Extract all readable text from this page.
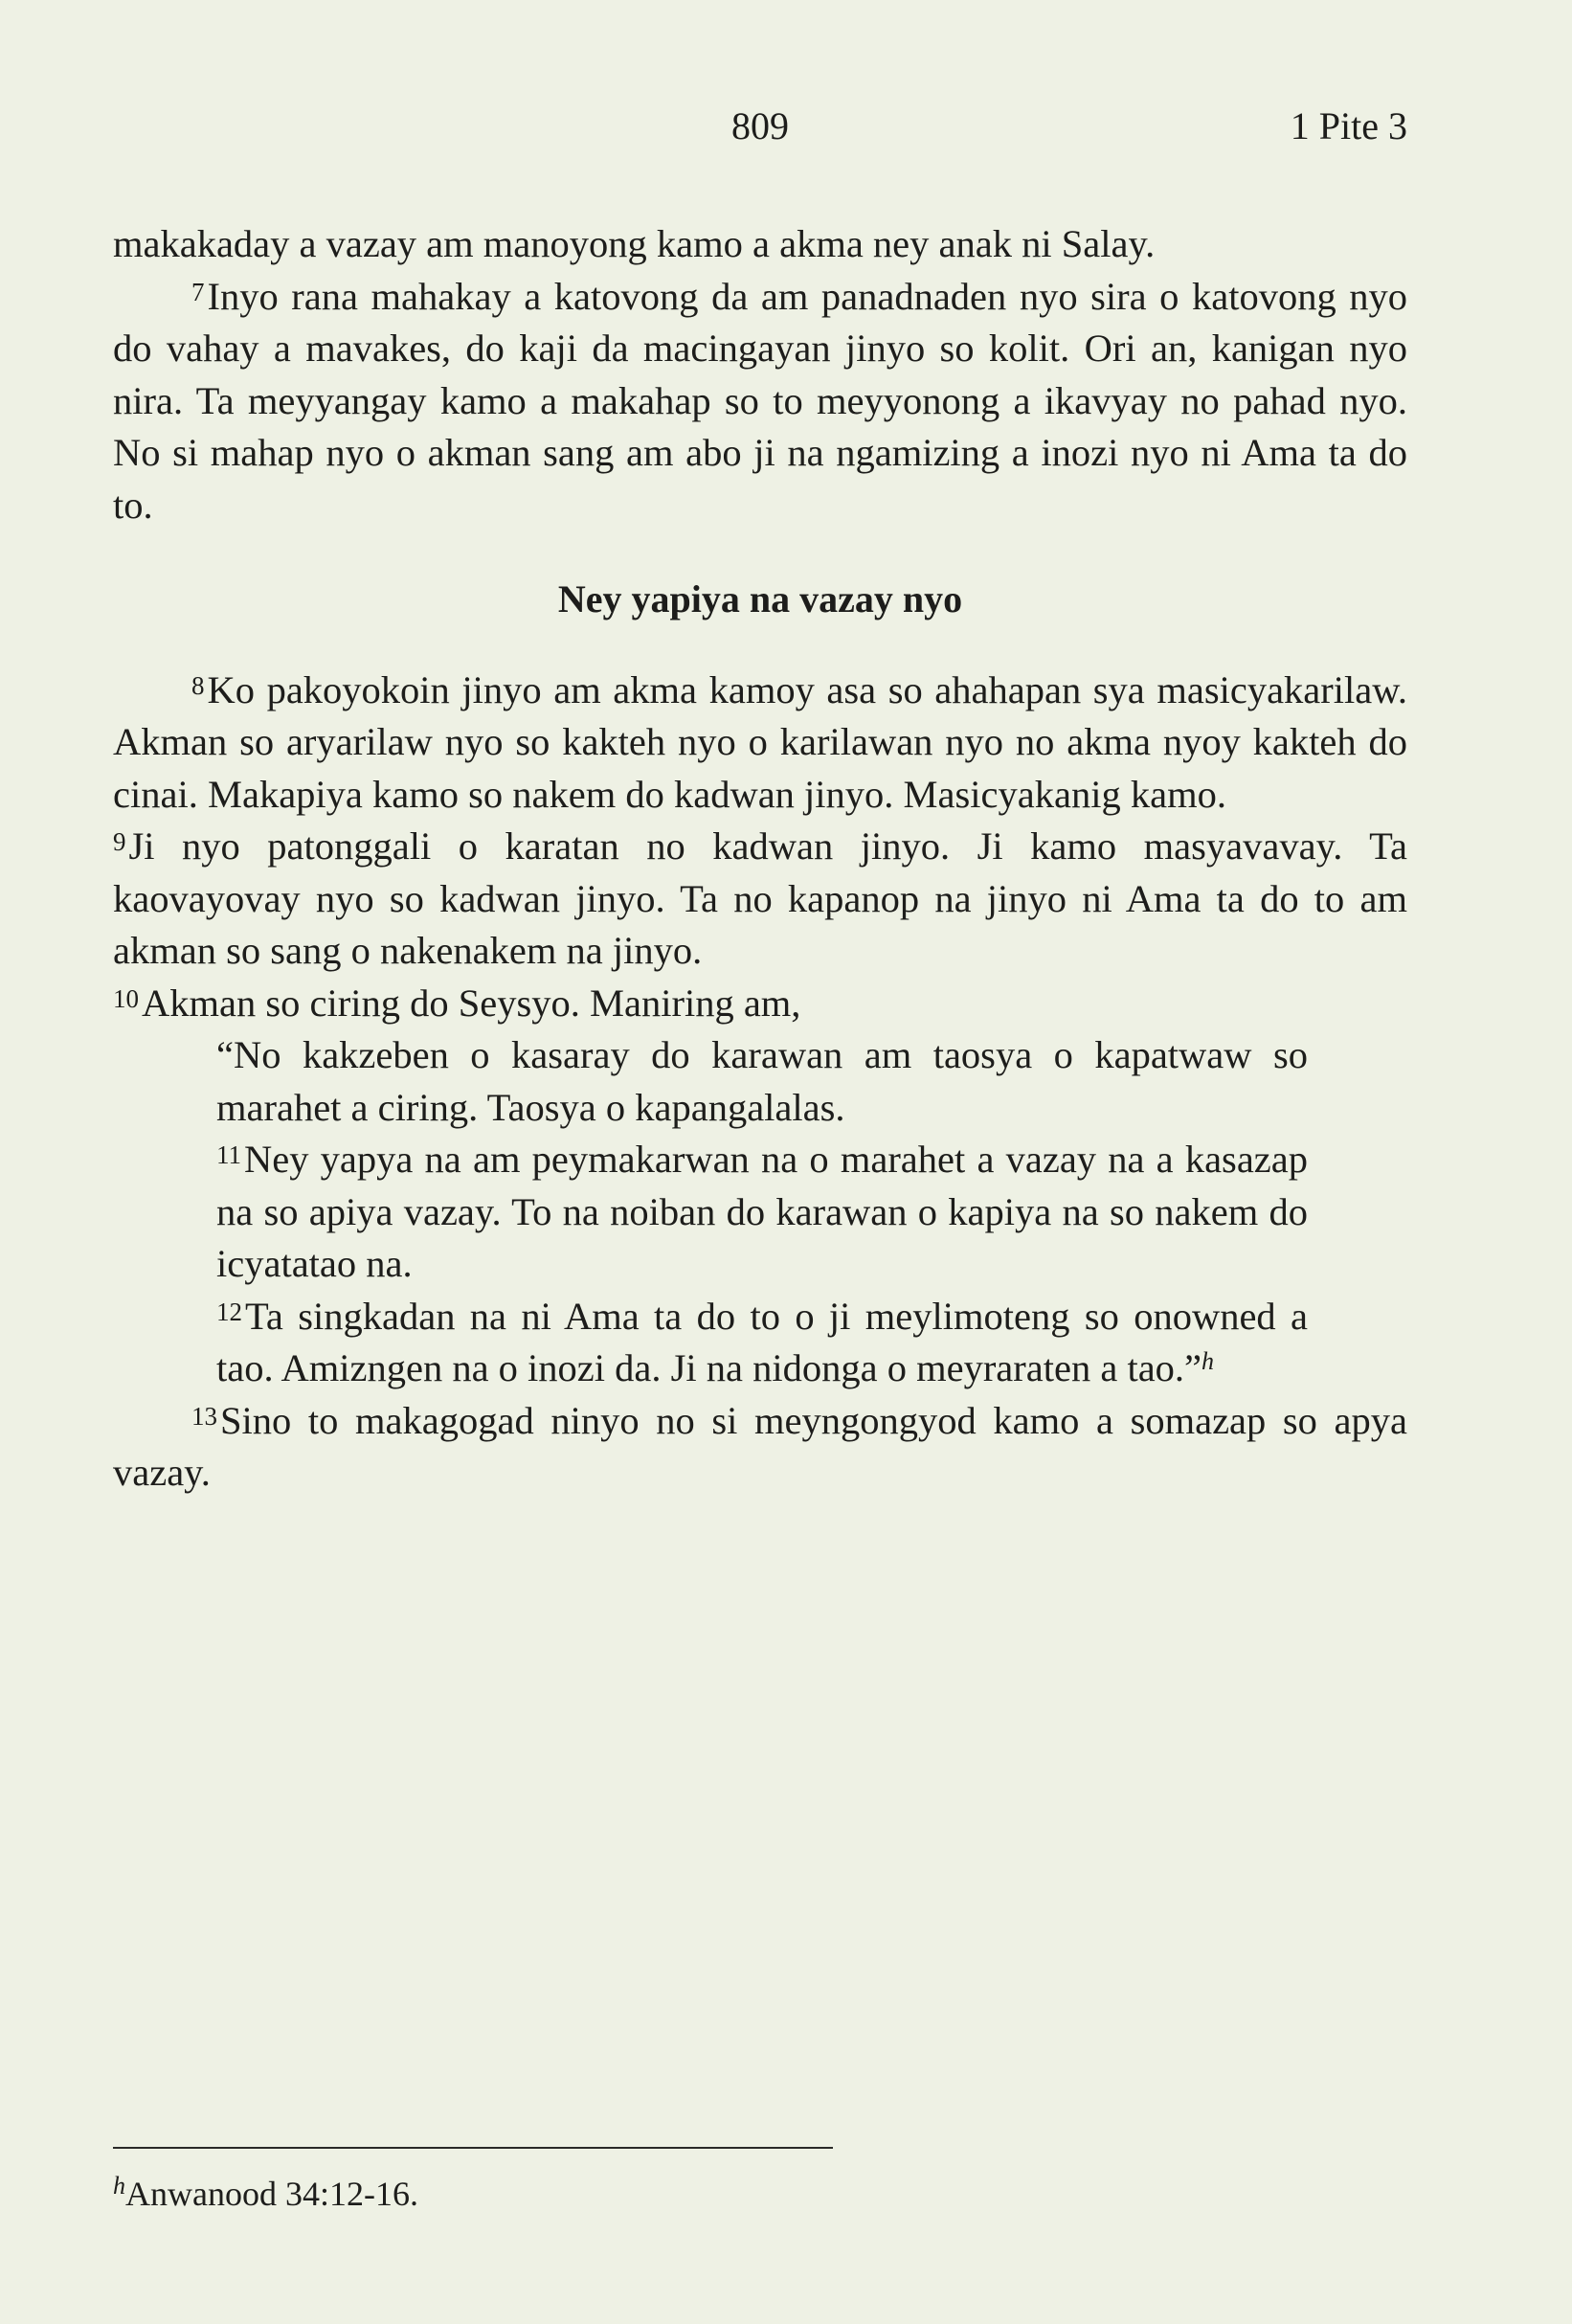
809	1 Pite 3

makakaday a vazay am manoyong kamo a akma ney anak ni Salay.

$^7$Inyo rana mahakay a katovong da am panadnaden nyo sira o katovong nyo do vahay a mavakes, do kaji da macingayan jinyo so kolit. Ori an, kanigan nyo nira. Ta meyyangay kamo a makahap so to meyyonong a ikavyay no pahad nyo. No si mahap nyo o akman sang am abo ji na ngamizing a inozi nyo ni Ama ta do to.

Ney yapiya na vazay nyo

$^8$Ko pakoyokoin jinyo am akma kamoy asa so ahahapan sya masicyakarilaw. Akman so aryarilaw nyo so kakteh nyo o karilawan nyo no akma nyoy kakteh do cinai. Makapiya kamo so nakem do kadwan jinyo. Masicyakanig kamo.

$^9$Ji nyo patonggali o karatan no kadwan jinyo. Ji kamo masyavavay. Ta kaovayovay nyo so kadwan jinyo. Ta no kapanop na jinyo ni Ama ta do to am akman so sang o nakenakem na jinyo.

$^{10}$Akman so ciring do Seysyo. Maniring am,

“No kakzeben o kasaray do karawan am taosya o kapatwaw so marahet a ciring. Taosya o kapangalalas.

$^{11}$Ney yapya na am peymakarwan na o marahet a vazay na a kasazap na so apiya vazay. To na noiban do karawan o kapiya na so nakem do icyatatao na.

$^{12}$Ta singkadan na ni Ama ta do to o ji meylimoteng so onowned a tao. Amizngen na o inozi da. Ji na nidonga o meyraraten a tao.”$^h$

$^{13}$Sino to makagogad ninyo no si meyngongyod kamo a somazap so apya vazay.

$^h$Anwanood 34:12-16.
